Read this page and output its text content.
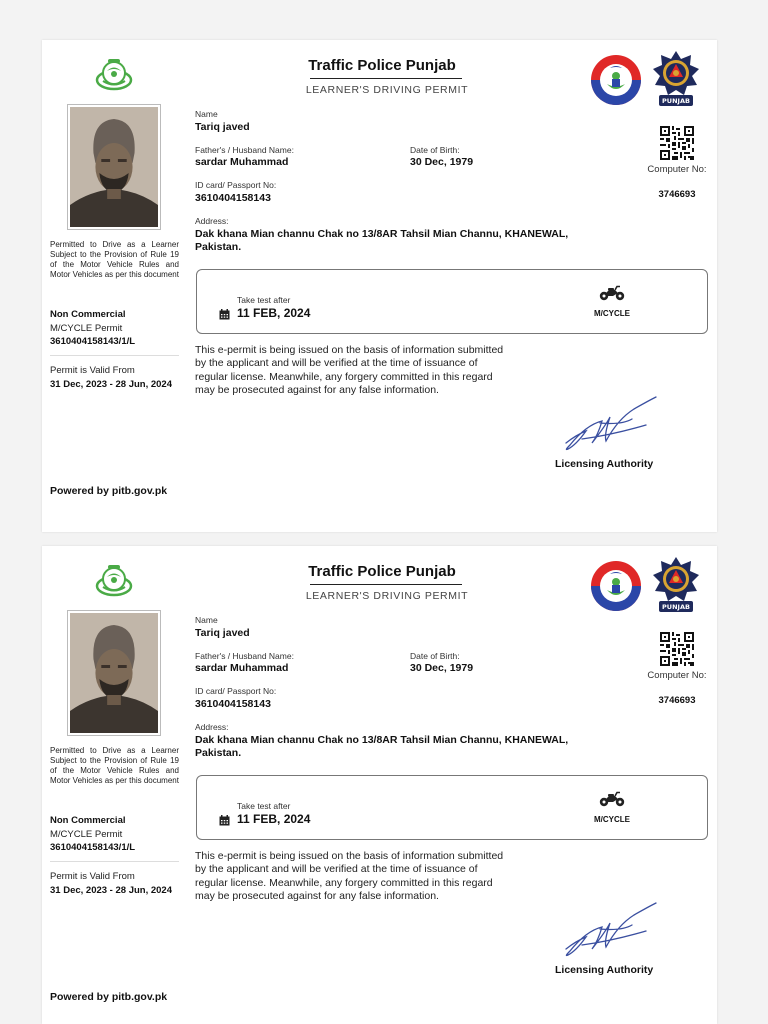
Traffic Police Punjab
LEARNER'S DRIVING PERMIT
PUNJAB
Permitted to Drive as a Learner Subject to the Provision of Rule 19 of the Motor Vehicle Rules and Motor Vehicles as per this document
Non Commercial
M/CYCLE Permit
3610404158143/1/L
Permit is Valid From
31 Dec, 2023 - 28 Jun, 2024
Powered by pitb.gov.pk
Name
Tariq javed
Father's / Husband Name:
sardar Muhammad
Date of Birth:
30 Dec, 1979
ID card/ Passport No:
3610404158143
Address:
Dak khana Mian channu Chak no 13/8AR Tahsil Mian Channu, KHANEWAL, Pakistan.
Computer No:
3746693
Take test after
11 FEB, 2024	M/CYCLE
This e-permit is being issued on the basis of information submitted by the applicant and will be verified at the time of issuance of regular license. Meanwhile, any forgery committed in this regard may be prosecuted against for any false information.
Licensing Authority
Traffic Police Punjab
LEARNER'S DRIVING PERMIT
PUNJAB
Permitted to Drive as a Learner Subject to the Provision of Rule 19 of the Motor Vehicle Rules and Motor Vehicles as per this document
Non Commercial
M/CYCLE Permit
3610404158143/1/L
Permit is Valid From
31 Dec, 2023 - 28 Jun, 2024
Powered by pitb.gov.pk
Name
Tariq javed
Father's / Husband Name:
sardar Muhammad
Date of Birth:
30 Dec, 1979
ID card/ Passport No:
3610404158143
Address:
Dak khana Mian channu Chak no 13/8AR Tahsil Mian Channu, KHANEWAL, Pakistan.
Computer No:
3746693
Take test after
11 FEB, 2024	M/CYCLE
This e-permit is being issued on the basis of information submitted by the applicant and will be verified at the time of issuance of regular license. Meanwhile, any forgery committed in this regard may be prosecuted against for any false information.
Licensing Authority
